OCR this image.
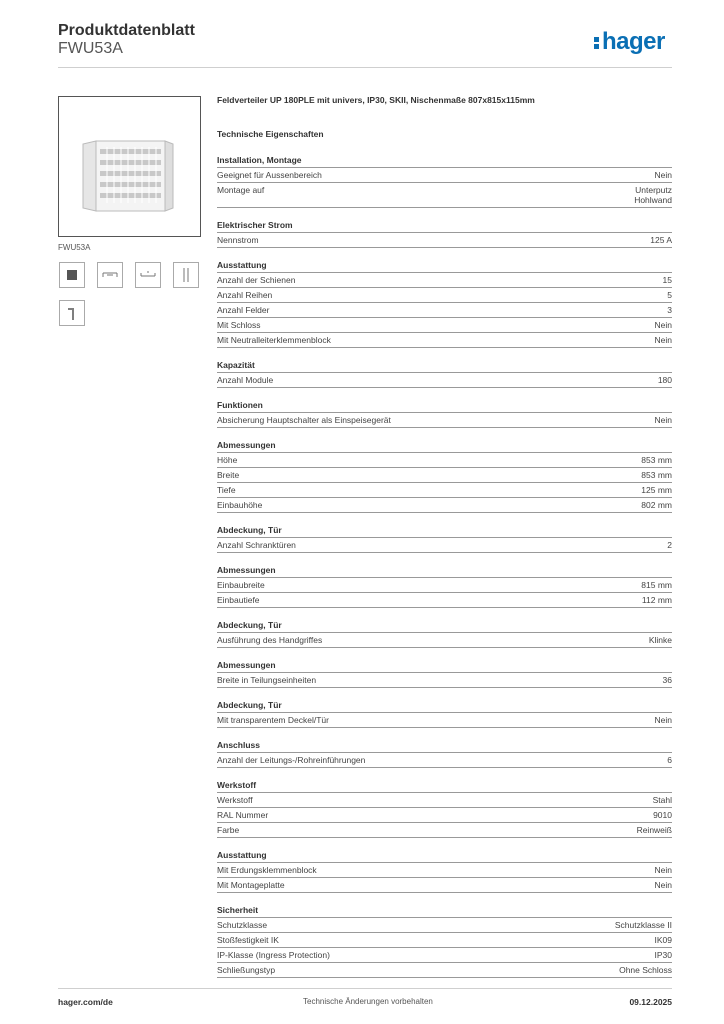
Produktdatenblatt
FWU53A	hager
FWU53A
Feldverteiler UP 180PLE mit univers, IP30, SKII, Nischenmaße 807x815x115mm
Technische Eigenschaften
Installation, Montage
Geeignet für Aussenbereich	Nein
Montage auf	Unterputz
Hohlwand
Elektrischer Strom
Nennstrom	125 A
Ausstattung
Anzahl der Schienen	15
Anzahl Reihen	5
Anzahl Felder	3
Mit Schloss	Nein
Mit Neutralleiterklemmenblock	Nein
Kapazität
Anzahl Module	180
Funktionen
Absicherung Hauptschalter als Einspeisegerät	Nein
Abmessungen
Höhe	853 mm
Breite	853 mm
Tiefe	125 mm
Einbauhöhe	802 mm
Abdeckung, Tür
Anzahl Schranktüren	2
Abmessungen
Einbaubreite	815 mm
Einbautiefe	112 mm
Abdeckung, Tür
Ausführung des Handgriffes	Klinke
Abmessungen
Breite in Teilungseinheiten	36
Abdeckung, Tür
Mit transparentem Deckel/Tür	Nein
Anschluss
Anzahl der Leitungs-/Rohreinführungen	6
Werkstoff
Werkstoff	Stahl
RAL Nummer	9010
Farbe	Reinweiß
Ausstattung
Mit Erdungsklemmenblock	Nein
Mit Montageplatte	Nein
Sicherheit
Schutzklasse	Schutzklasse II
Stoßfestigkeit IK	IK09
IP-Klasse (Ingress Protection)	IP30
Schließungstyp	Ohne Schloss
hager.com/de	Technische Änderungen vorbehalten	09.12.2025
